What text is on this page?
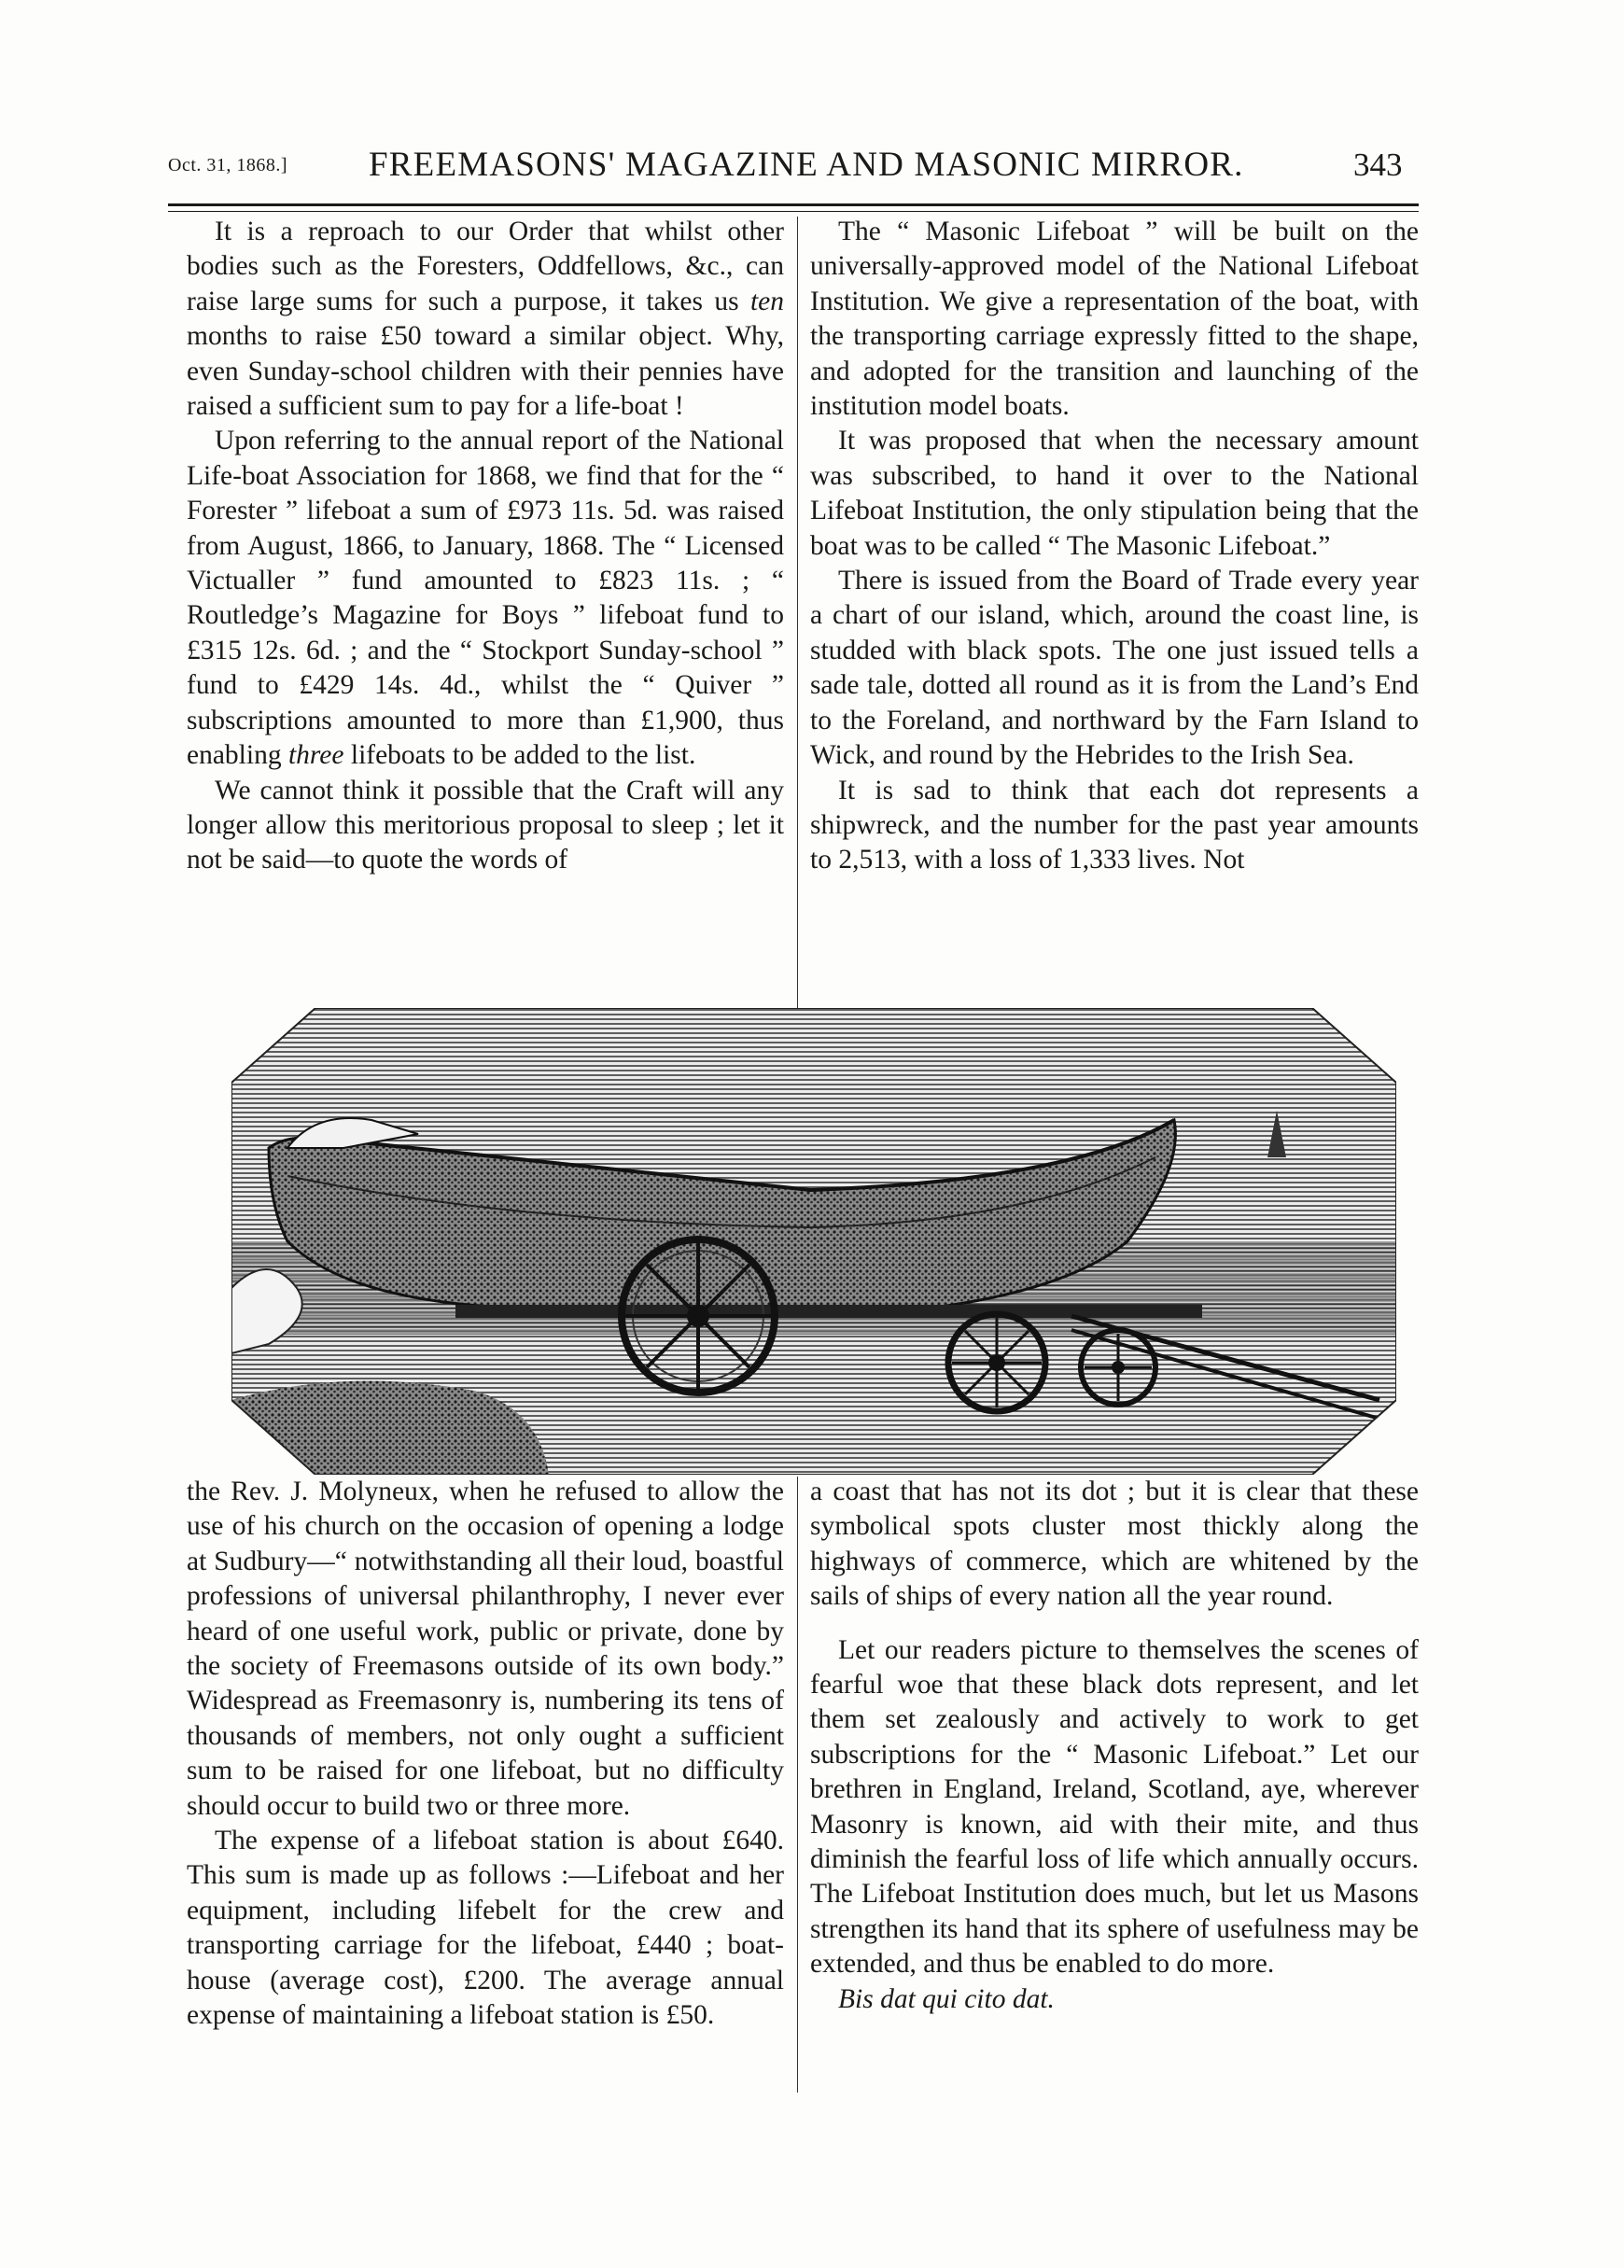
Oct. 31, 1868.] FREEMASONS' MAGAZINE AND MASONIC MIRROR.	343

It is a reproach to our Order that whilst other bodies such as the Foresters, Oddfellows, &c., can raise large sums for such a purpose, it takes us ten months to raise £50 toward a similar object. Why, even Sunday-school children with their pennies have raised a sufficient sum to pay for a life-boat !

Upon referring to the annual report of the National Life-boat Association for 1868, we find that for the “ Forester ” lifeboat a sum of £973 11s. 5d. was raised from August, 1866, to January, 1868. The “ Licensed Victualler ” fund amounted to £823 11s. ; “ Routledge’s Magazine for Boys ” lifeboat fund to £315 12s. 6d. ; and the “ Stockport Sunday-school ” fund to £429 14s. 4d., whilst the “ Quiver ” subscriptions amounted to more than £1,900, thus enabling three lifeboats to be added to the list.

We cannot think it possible that the Craft will any longer allow this meritorious proposal to sleep ; let it not be said—to quote the words of

The “ Masonic Lifeboat ” will be built on the universally-approved model of the National Lifeboat Institution. We give a representation of the boat, with the transporting carriage expressly fitted to the shape, and adopted for the transition and launching of the institution model boats.

It was proposed that when the necessary amount was subscribed, to hand it over to the National Lifeboat Institution, the only stipulation being that the boat was to be called “ The Masonic Lifeboat.”

There is issued from the Board of Trade every year a chart of our island, which, around the coast line, is studded with black spots. The one just issued tells a sade tale, dotted all round as it is from the Land’s End to the Foreland, and northward by the Farn Island to Wick, and round by the Hebrides to the Irish Sea.

It is sad to think that each dot represents a shipwreck, and the number for the past year amounts to 2,513, with a loss of 1,333 lives. Not

the Rev. J. Molyneux, when he refused to allow the use of his church on the occasion of opening a lodge at Sudbury—“ notwithstanding all their loud, boastful professions of universal philanthrophy, I never ever heard of one useful work, public or private, done by the society of Freemasons outside of its own body.” Widespread as Freemasonry is, numbering its tens of thousands of members, not only ought a sufficient sum to be raised for one lifeboat, but no difficulty should occur to build two or three more.

The expense of a lifeboat station is about £640. This sum is made up as follows :—Lifeboat and her equipment, including lifebelt for the crew and transporting carriage for the lifeboat, £440 ; boat-house (average cost), £200. The average annual expense of maintaining a lifeboat station is £50.

a coast that has not its dot ; but it is clear that these symbolical spots cluster most thickly along the highways of commerce, which are whitened by the sails of ships of every nation all the year round.

Let our readers picture to themselves the scenes of fearful woe that these black dots represent, and let them set zealously and actively to work to get subscriptions for the “ Masonic Lifeboat.” Let our brethren in England, Ireland, Scotland, aye, wherever Masonry is known, aid with their mite, and thus diminish the fearful loss of life which annually occurs. The Lifeboat Institution does much, but let us Masons strengthen its hand that its sphere of usefulness may be extended, and thus be enabled to do more.

Bis dat qui cito dat.
